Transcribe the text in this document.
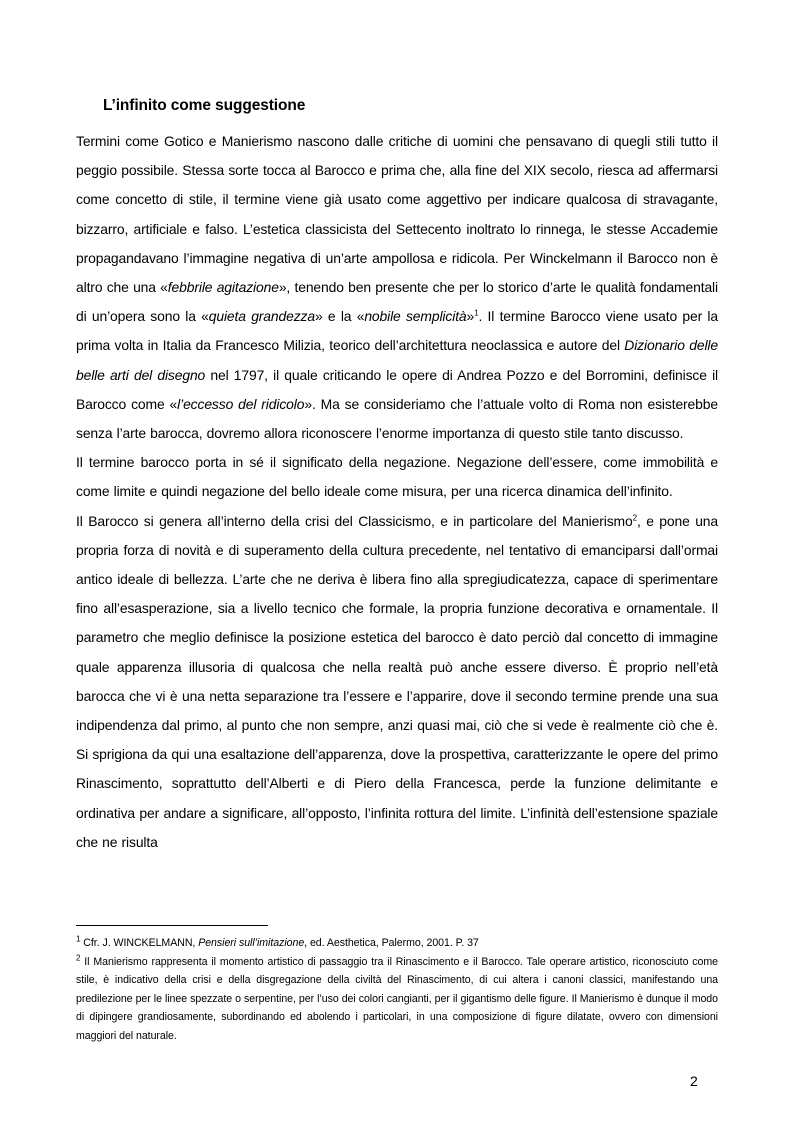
L’infinito come suggestione

Termini come Gotico e Manierismo nascono dalle critiche di uomini che pensavano di quegli stili tutto il peggio possibile. Stessa sorte tocca al Barocco e prima che, alla fine del XIX secolo, riesca ad affermarsi come concetto di stile, il termine viene già usato come aggettivo per indicare qualcosa di stravagante, bizzarro, artificiale e falso. L’estetica classicista del Settecento inoltrato lo rinnega, le stesse Accademie propagandavano l’immagine negativa di un’arte ampollosa e ridicola. Per Winckelmann il Barocco non è altro che una «febbrile agitazione», tenendo ben presente che per lo storico d’arte le qualità fondamentali di un’opera sono la «quieta grandezza» e la «nobile semplicità»$^1$. Il termine Barocco viene usato per la prima volta in Italia da Francesco Milizia, teorico dell’architettura neoclassica e autore del Dizionario delle belle arti del disegno nel 1797, il quale criticando le opere di Andrea Pozzo e del Borromini, definisce il Barocco come «l’eccesso del ridicolo». Ma se consideriamo che l’attuale volto di Roma non esisterebbe senza l’arte barocca, dovremo allora riconoscere l’enorme importanza di questo stile tanto discusso.

Il termine barocco porta in sé il significato della negazione. Negazione dell’essere, come immobilità e come limite e quindi negazione del bello ideale come misura, per una ricerca dinamica dell’infinito.

Il Barocco si genera all’interno della crisi del Classicismo, e in particolare del Manierismo$^2$, e pone una propria forza di novità e di superamento della cultura precedente, nel tentativo di emanciparsi dall’ormai antico ideale di bellezza. L’arte che ne deriva è libera fino alla spregiudicatezza, capace di sperimentare fino all’esasperazione, sia a livello tecnico che formale, la propria funzione decorativa e ornamentale. Il parametro che meglio definisce la posizione estetica del barocco è dato perciò dal concetto di immagine quale apparenza illusoria di qualcosa che nella realtà può anche essere diverso. È proprio nell’età barocca che vi è una netta separazione tra l’essere e l’apparire, dove il secondo termine prende una sua indipendenza dal primo, al punto che non sempre, anzi quasi mai, ciò che si vede è realmente ciò che è. Si sprigiona da qui una esaltazione dell’apparenza, dove la prospettiva, caratterizzante le opere del primo Rinascimento, soprattutto dell’Alberti e di Piero della Francesca, perde la funzione delimitante e ordinativa per andare a significare, all’opposto, l’infinita rottura del limite. L’infinità dell’estensione spaziale che ne risulta

$^1$ Cfr. J. WINCKELMANN, Pensieri sull’imitazione, ed. Aesthetica, Palermo, 2001. P. 37

$^2$ Il Manierismo rappresenta il momento artistico di passaggio tra il Rinascimento e il Barocco. Tale operare artistico, riconosciuto come stile, è indicativo della crisi e della disgregazione della civiltà del Rinascimento, di cui altera i canoni classici, manifestando una predilezione per le linee spezzate o serpentine, per l’uso dei colori cangianti, per il gigantismo delle figure. Il Manierismo è dunque il modo di dipingere grandiosamente, subordinando ed abolendo i particolari, in una composizione di figure dilatate, ovvero con dimensioni maggiori del naturale.

2
